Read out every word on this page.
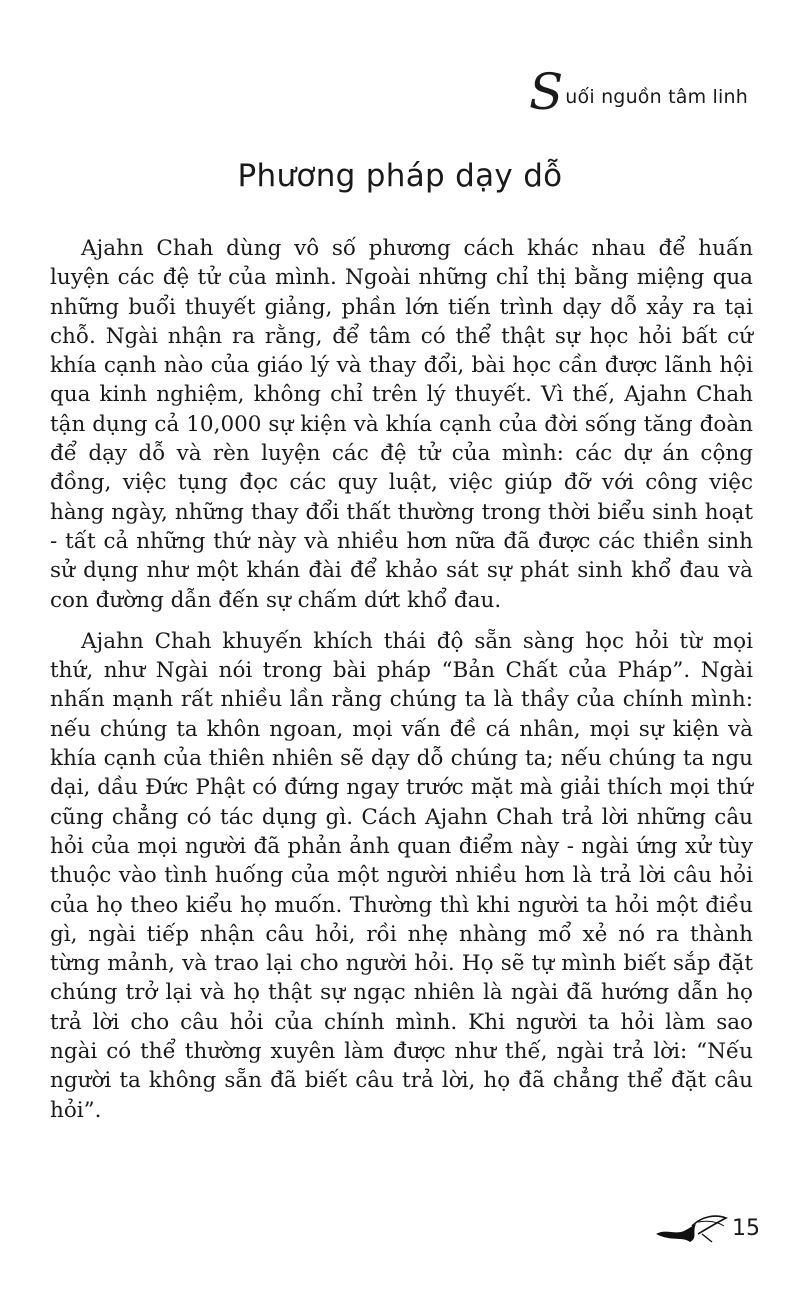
S uối nguồn tâm linh
Phương pháp dạy dỗ

Ajahn Chah dùng vô số phương cách khác nhau để huấn luyện các đệ tử của mình. Ngoài những chỉ thị bằng miệng qua những buổi thuyết giảng, phần lớn tiến trình dạy dỗ xảy ra tại chỗ. Ngài nhận ra rằng, để tâm có thể thật sự học hỏi bất cứ khía cạnh nào của giáo lý và thay đổi, bài học cần được lãnh hội qua kinh nghiệm, không chỉ trên lý thuyết. Vì thế, Ajahn Chah tận dụng cả 10,000 sự kiện và khía cạnh của đời sống tăng đoàn để dạy dỗ và rèn luyện các đệ tử của mình: các dự án cộng đồng, việc tụng đọc các quy luật, việc giúp đỡ với công việc hàng ngày, những thay đổi thất thường trong thời biểu sinh hoạt - tất cả những thứ này và nhiều hơn nữa đã được các thiền sinh sử dụng như một khán đài để khảo sát sự phát sinh khổ đau và con đường dẫn đến sự chấm dứt khổ đau.

Ajahn Chah khuyến khích thái độ sẵn sàng học hỏi từ mọi thứ, như Ngài nói trong bài pháp “Bản Chất của Pháp”. Ngài nhấn mạnh rất nhiều lần rằng chúng ta là thầy của chính mình: nếu chúng ta khôn ngoan, mọi vấn đề cá nhân, mọi sự kiện và khía cạnh của thiên nhiên sẽ dạy dỗ chúng ta; nếu chúng ta ngu dại, dầu Đức Phật có đứng ngay trước mặt mà giải thích mọi thứ cũng chẳng có tác dụng gì. Cách Ajahn Chah trả lời những câu hỏi của mọi người đã phản ảnh quan điểm này - ngài ứng xử tùy thuộc vào tình huống của một người nhiều hơn là trả lời câu hỏi của họ theo kiểu họ muốn. Thường thì khi người ta hỏi một điều gì, ngài tiếp nhận câu hỏi, rồi nhẹ nhàng mổ xẻ nó ra thành từng mảnh, và trao lại cho người hỏi. Họ sẽ tự mình biết sắp đặt chúng trở lại và họ thật sự ngạc nhiên là ngài đã hướng dẫn họ trả lời cho câu hỏi của chính mình. Khi người ta hỏi làm sao ngài có thể thường xuyên làm được như thế, ngài trả lời: “Nếu người ta không sẵn đã biết câu trả lời, họ đã chẳng thể đặt câu hỏi”.

15
